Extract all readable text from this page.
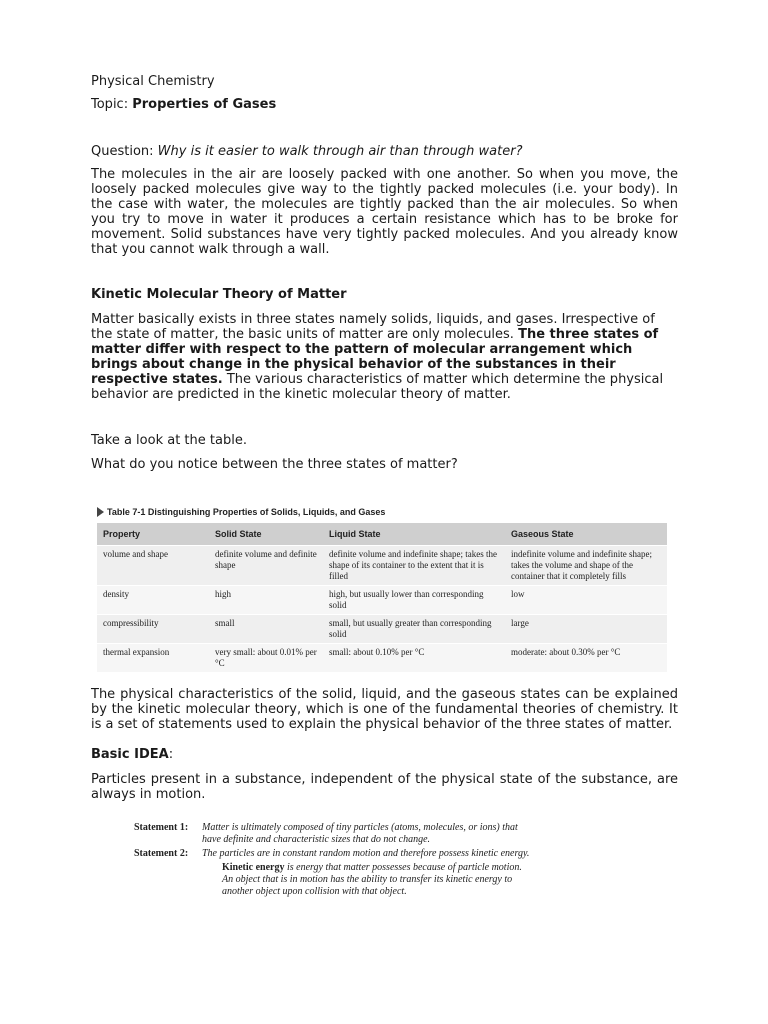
Physical Chemistry

Topic: Properties of Gases

Question: Why is it easier to walk through air than through water?

The molecules in the air are loosely packed with one another. So when you move, the loosely packed molecules give way to the tightly packed molecules (i.e. your body). In the case with water, the molecules are tightly packed than the air molecules. So when you try to move in water it produces a certain resistance which has to be broke for movement. Solid substances have very tightly packed molecules. And you already know that you cannot walk through a wall.

Kinetic Molecular Theory of Matter

Matter basically exists in three states namely solids, liquids, and gases. Irrespective of the state of matter, the basic units of matter are only molecules. The three states of matter differ with respect to the pattern of molecular arrangement which brings about change in the physical behavior of the substances in their respective states. The various characteristics of matter which determine the physical behavior are predicted in the kinetic molecular theory of matter.

Take a look at the table.

What do you notice between the three states of matter?

Table 7-1 Distinguishing Properties of Solids, Liquids, and Gases
Property	Solid State	Liquid State	Gaseous State
volume and shape	definite volume and definite shape	definite volume and indefinite shape; takes the shape of its container to the extent that it is filled	indefinite volume and indefinite shape; takes the volume and shape of the container that it completely fills
density	high	high, but usually lower than corresponding solid	low
compressibility	small	small, but usually greater than corresponding solid	large
thermal expansion	very small: about 0.01% per °C	small: about 0.10% per °C	moderate: about 0.30% per °C

The physical characteristics of the solid, liquid, and the gaseous states can be explained by the kinetic molecular theory, which is one of the fundamental theories of chemistry. It is a set of statements used to explain the physical behavior of the three states of matter.

Basic IDEA:

Particles present in a substance, independent of the physical state of the substance, are always in motion.

Statement 1:	Matter is ultimately composed of tiny particles (atoms, molecules, or ions) that have definite and characteristic sizes that do not change.
Statement 2:	The particles are in constant random motion and therefore possess kinetic energy.
Kinetic energy is energy that matter possesses because of particle motion. An object that is in motion has the ability to transfer its kinetic energy to another object upon collision with that object.
